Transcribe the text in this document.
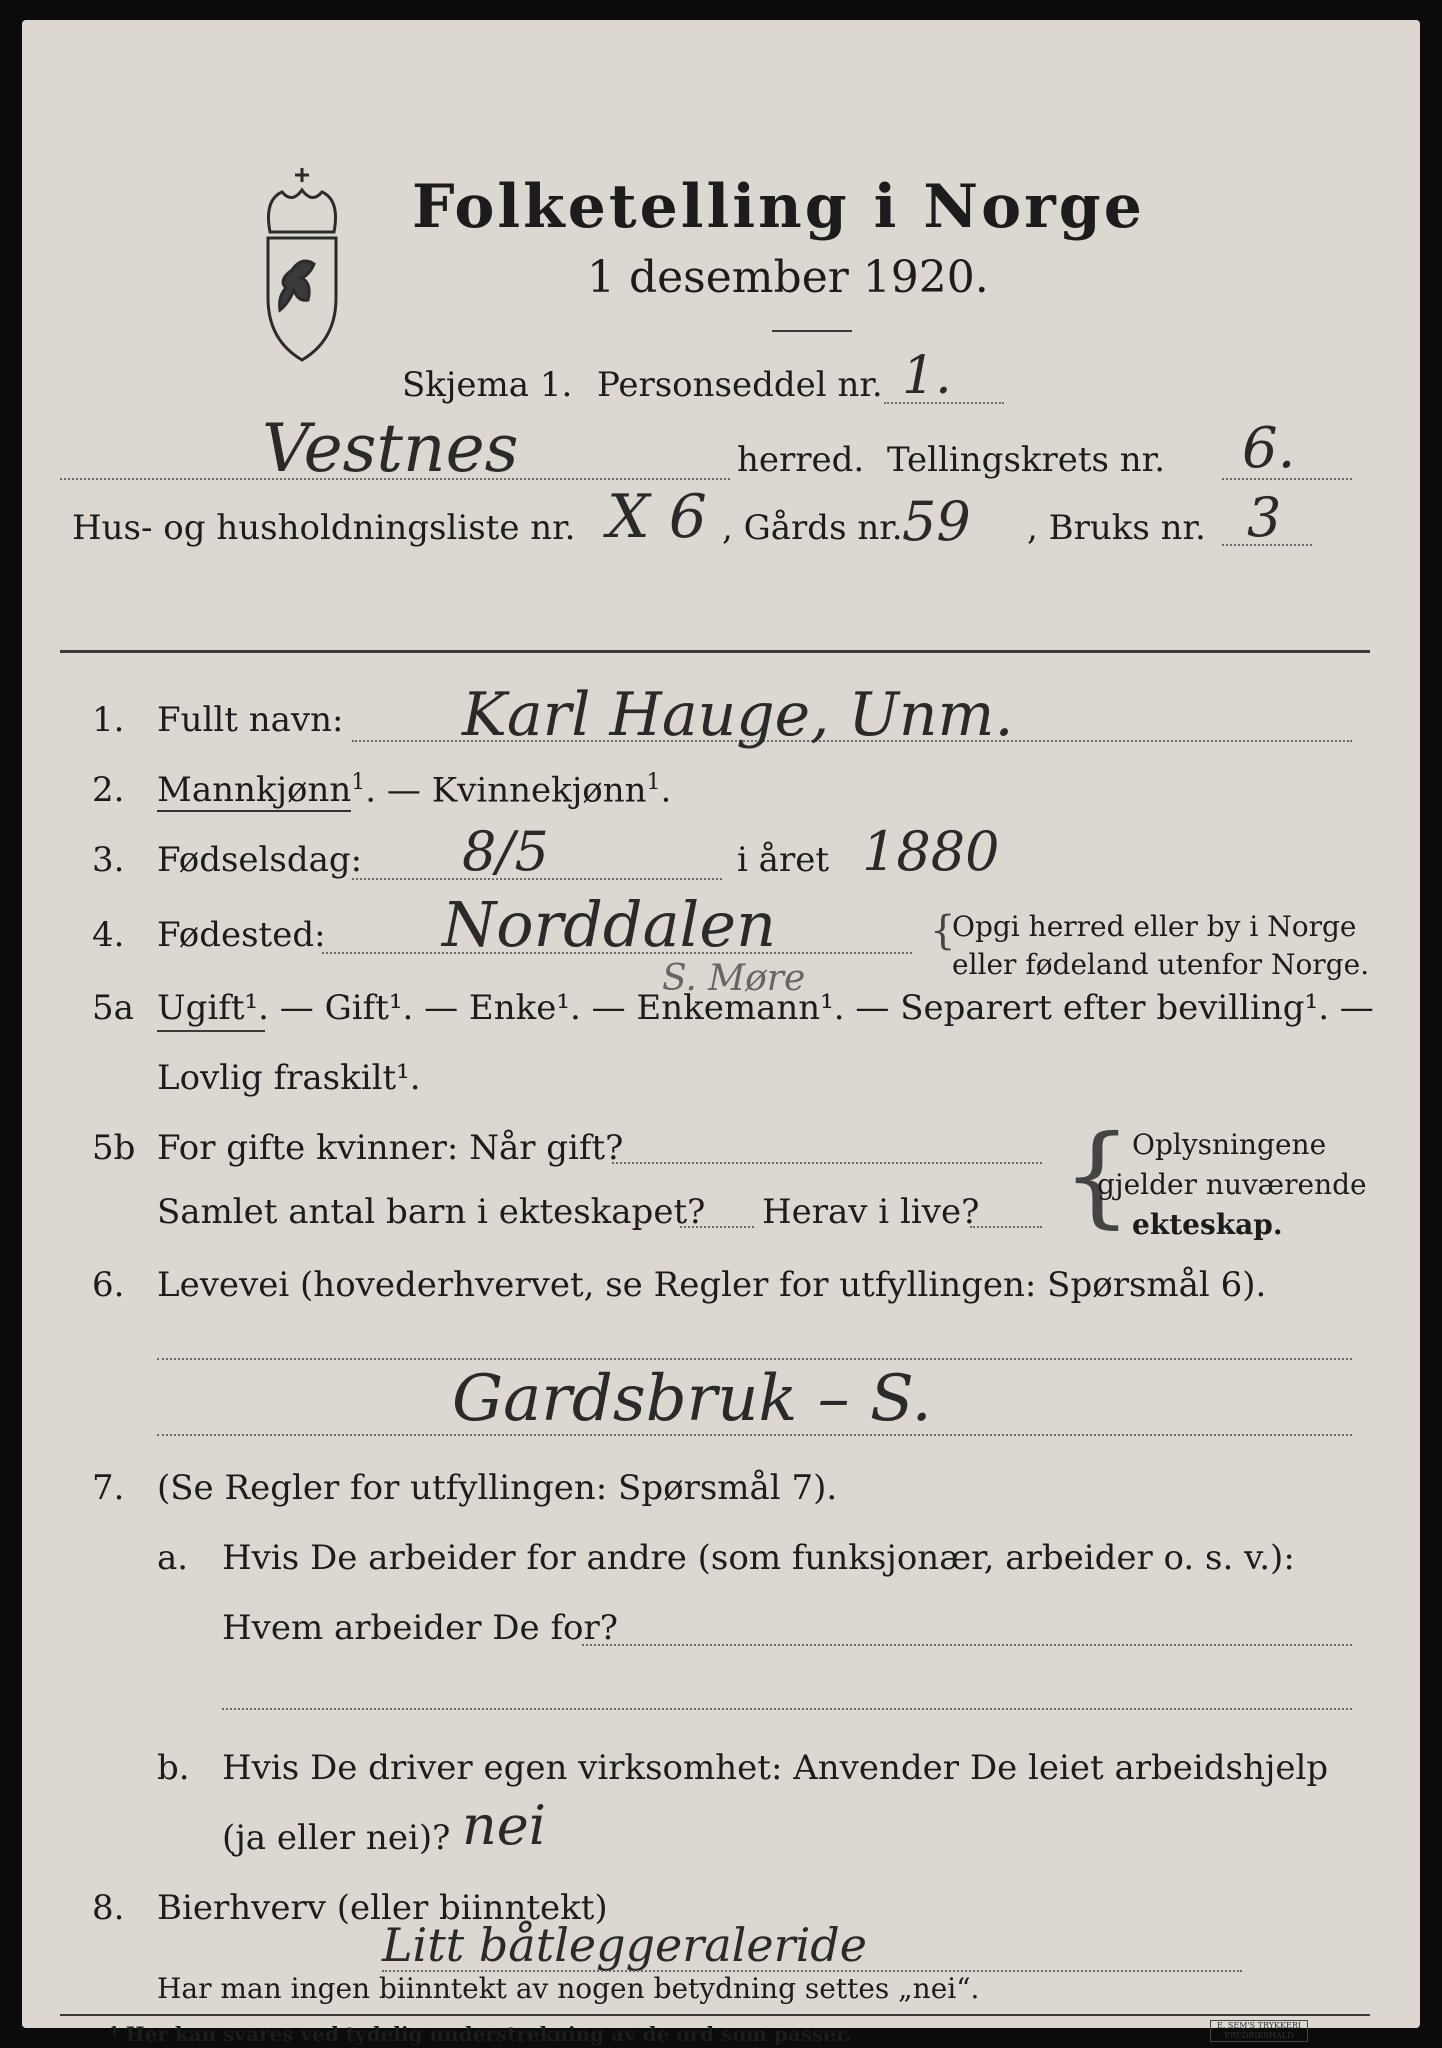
Folketelling i Norge
1 desember 1920.
Skjema 1. Personseddel nr. 1.
Vestnes	herred. Tellingskrets nr. 6.
Hus- og husholdningsliste nr. X 6 , Gårds nr. 59 , Bruks nr. 3
1. Fullt navn: Karl Hauge, Unm.
2. Mannkjønn$^1$. — Kvinnekjønn$^1$.
3. Fødselsdag: 8/5	i året 1880
4. Fødested: Norddalen
S. Møre
{
Opgi herred eller by i Norge
eller fødeland utenfor Norge.
5a Ugift¹. — Gift¹. — Enke¹. — Enkemann¹. — Separert efter bevilling¹. —
Lovlig fraskilt¹.
5b For gifte kvinner: Når gift?
Samlet antal barn i ekteskapet? Herav i live? { Oplysningene
gjelder nuværende
ekteskap.
6. Levevei (hovederhvervet, se Regler for utfyllingen: Spørsmål 6).
Gardsbruk – S.
7. (Se Regler for utfyllingen: Spørsmål 7).
a. Hvis De arbeider for andre (som funksjonær, arbeider o. s. v.):
Hvem arbeider De for?
b. Hvis De driver egen virksomhet: Anvender De leiet arbeidshjelp
(ja eller nei)? nei
8. Bierhverv (eller biinntekt)
Litt båtleggeraleride
Har man ingen biinntekt av nogen betydning settes „nei“.
¹ Her kan svares ved tydelig understrekning av de ord som passer.	E. SEM'S TRYKKERI
FREDRIKSHALD
